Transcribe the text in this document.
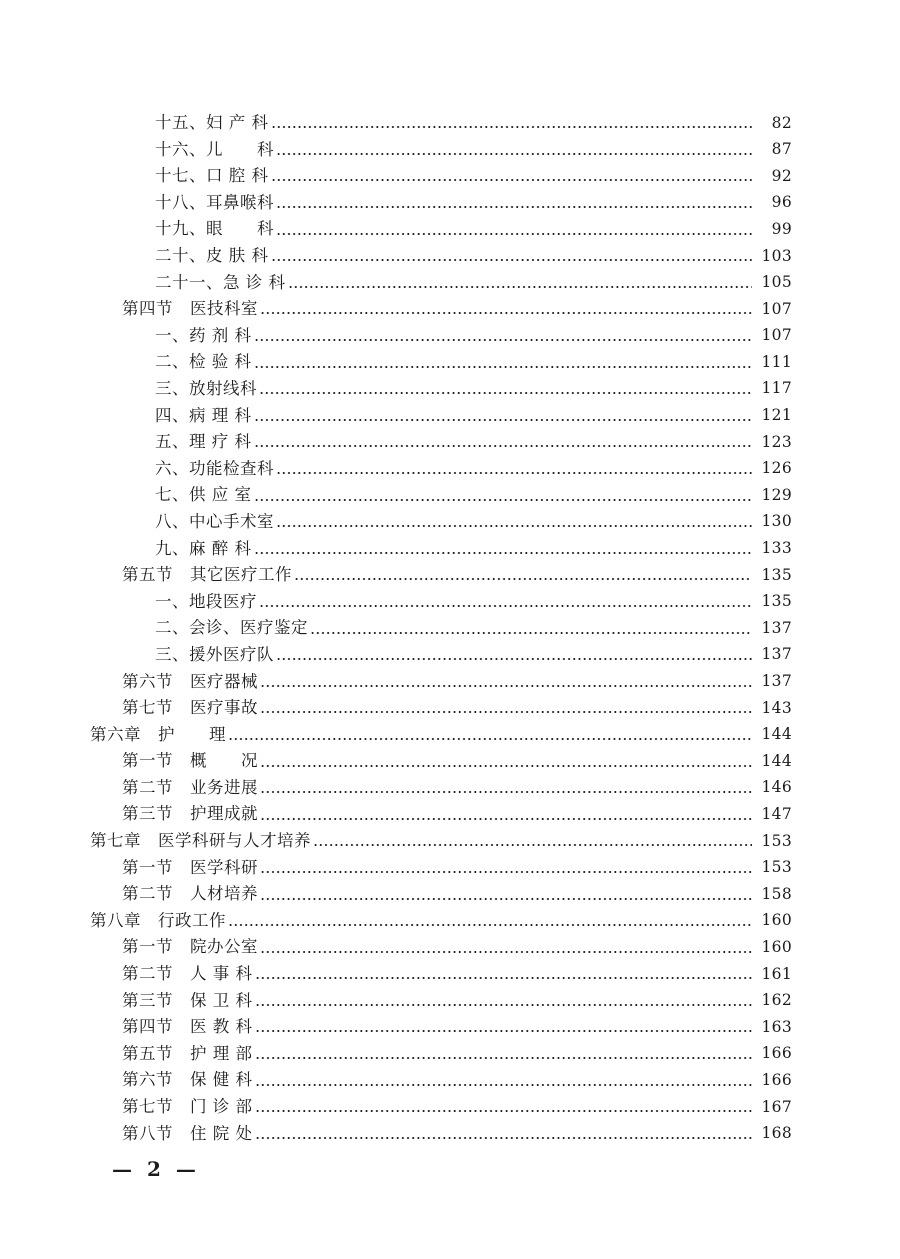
十五、妇 产 科	82
十六、儿　　科	87
十七、口 腔 科	92
十八、耳鼻喉科	96
十九、眼　　科	99
二十、皮 肤 科	103
二十一、急 诊 科	105
第四节　医技科室	107
一、药 剂 科	107
二、检 验 科	111
三、放射线科	117
四、病 理 科	121
五、理 疗 科	123
六、功能检查科	126
七、供 应 室	129
八、中心手术室	130
九、麻 醉 科	133
第五节　其它医疗工作	135
一、地段医疗	135
二、会诊、医疗鉴定	137
三、援外医疗队	137
第六节　医疗器械	137
第七节　医疗事故	143
第六章　护　　理	144
第一节　概　　况	144
第二节　业务进展	146
第三节　护理成就	147
第七章　医学科研与人才培养	153
第一节　医学科研	153
第二节　人材培养	158
第八章　行政工作	160
第一节　院办公室	160
第二节　人 事 科	161
第三节　保 卫 科	162
第四节　医 教 科	163
第五节　护 理 部	166
第六节　保 健 科	166
第七节　门 诊 部	167
第八节　住 院 处	168
— 2 —
